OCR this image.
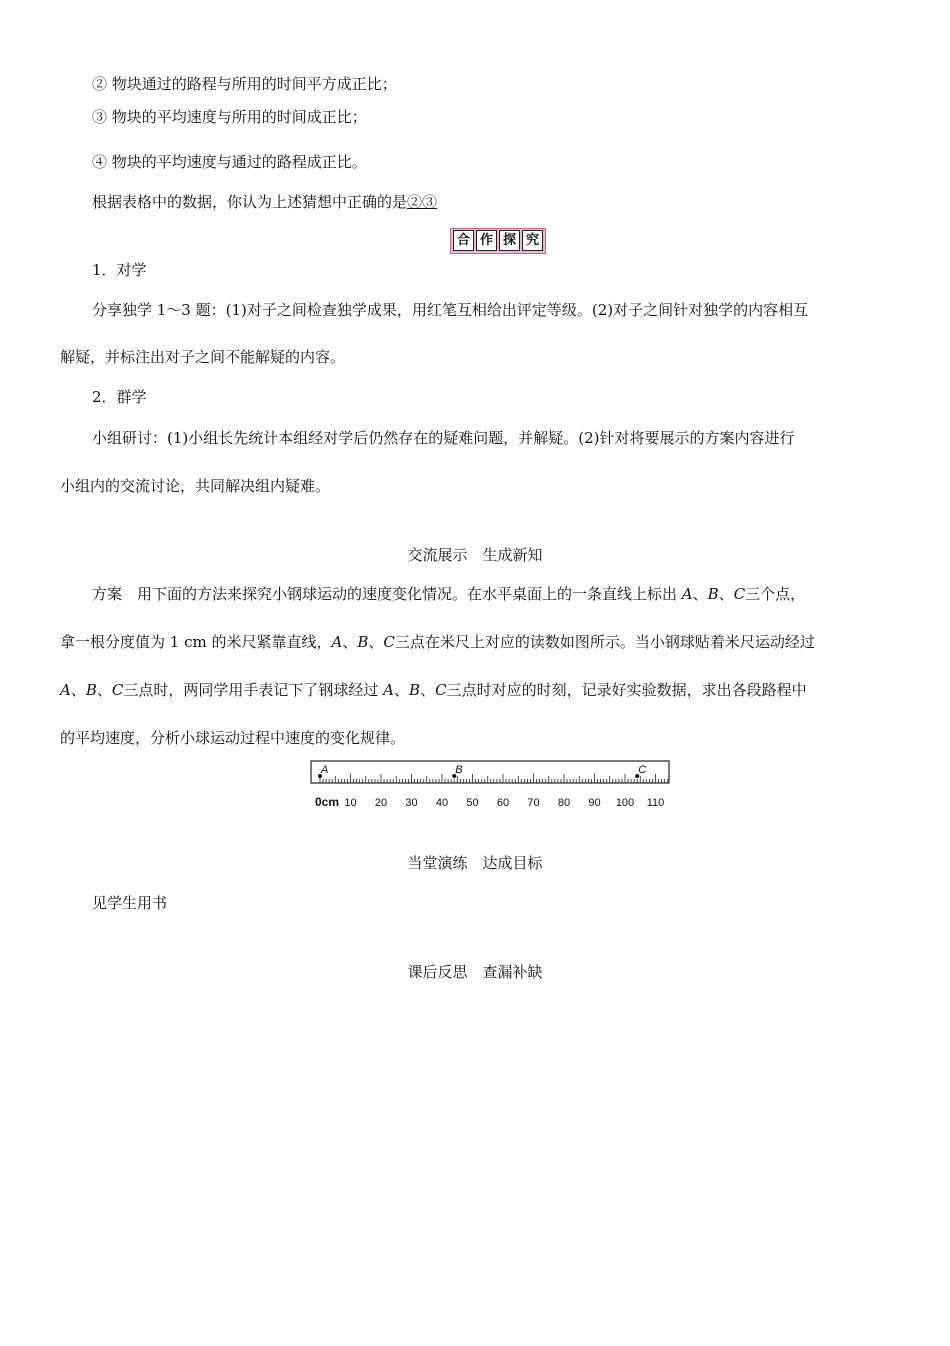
② 物块通过的路程与所用的时间平方成正比；
③ 物块的平均速度与所用的时间成正比；
④ 物块的平均速度与通过的路程成正比。
根据表格中的数据，你认为上述猜想中正确的是②③
合 作 探 究
1．对学
分享独学 1～3 题：(1)对子之间检查独学成果，用红笔互相给出评定等级。(2)对子之间针对独学的内容相互
解疑，并标注出对子之间不能解疑的内容。
2．群学
小组研讨：(1)小组长先统计本组经对学后仍然存在的疑难问题，并解疑。(2)针对将要展示的方案内容进行
小组内的交流讨论，共同解决组内疑难。
交流展示　生成新知
方案　用下面的方法来探究小钢球运动的速度变化情况。在水平桌面上的一条直线上标出 A、B、C三个点，
拿一根分度值为 1 cm 的米尺紧靠直线，A、B、C三点在米尺上对应的读数如图所示。当小钢球贴着米尺运动经过
A、B、C三点时，两同学用手表记下了钢球经过 A、B、C三点时对应的时刻，记录好实验数据，求出各段路程中
的平均速度，分析小球运动过程中速度的变化规律。
A	B	C
0cm 10 20 30 40 50 60 70 80 90 100 110
当堂演练　达成目标
见学生用书
课后反思　查漏补缺
